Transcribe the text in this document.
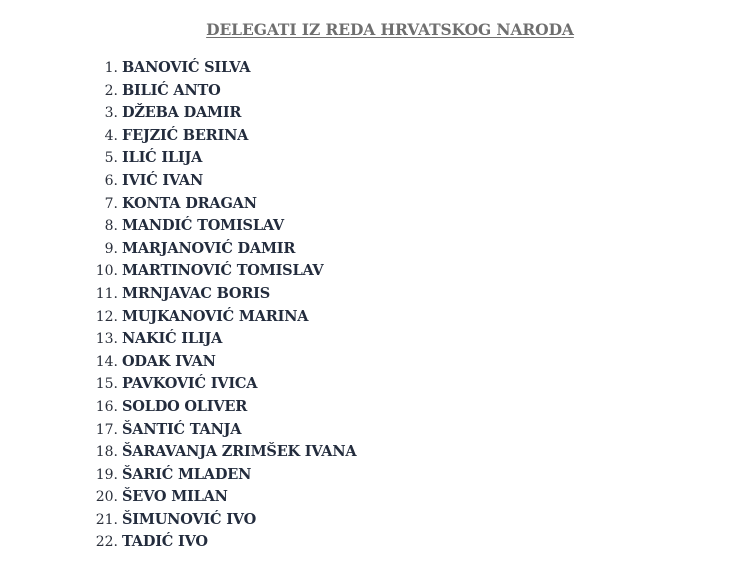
DELEGATI IZ REDA HRVATSKOG NARODA
1. BANOVIĆ SILVA
2. BILIĆ ANTO
3. DŽEBA DAMIR
4. FEJZIĆ BERINA
5. ILIĆ ILIJA
6. IVIĆ IVAN
7. KONTA DRAGAN
8. MANDIĆ TOMISLAV
9. MARJANOVIĆ DAMIR
10. MARTINOVIĆ TOMISLAV
11. MRNJAVAC BORIS
12. MUJKANOVIĆ MARINA
13. NAKIĆ ILIJA
14. ODAK IVAN
15. PAVKOVIĆ IVICA
16. SOLDO OLIVER
17. ŠANTIĆ TANJA
18. ŠARAVANJA ZRIMŠEK IVANA
19. ŠARIĆ MLADEN
20. ŠEVO MILAN
21. ŠIMUNOVIĆ IVO
22. TADIĆ IVO
